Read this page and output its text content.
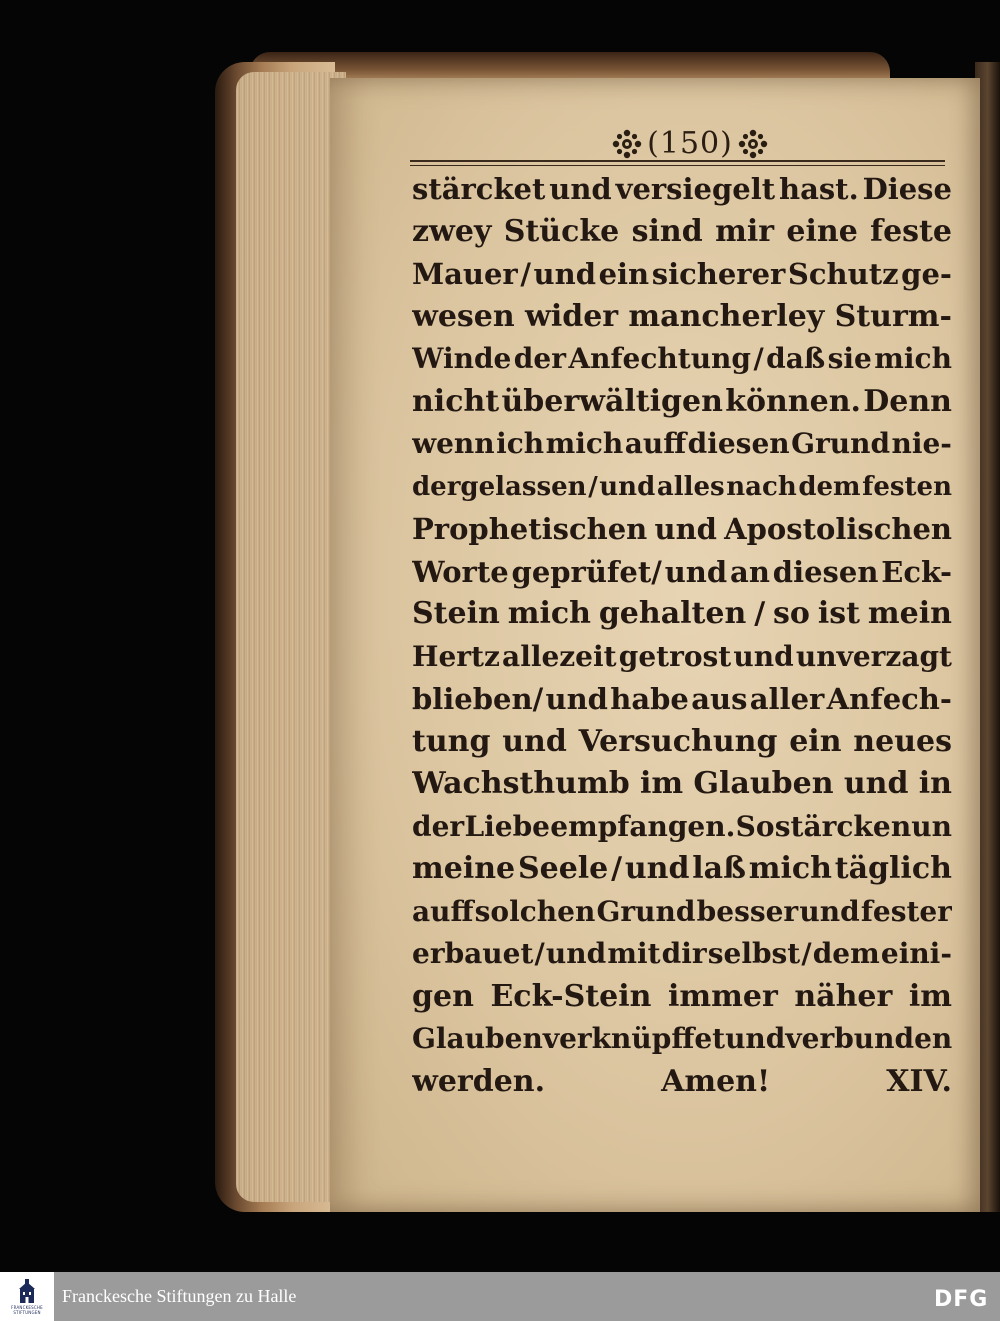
(150)
stärcket und versiegelt hast. Diese
zwey Stücke sind mir eine feste
Mauer / und ein sicherer Schutz ge-
wesen wider mancherley Sturm-
Winde der Anfechtung / daß sie mich
nicht überwältigen können. Denn
wenn ich mich auff diesen Grund nie-
dergelassen / und alles nach dem festen
Prophetischen und Apostolischen
Worte geprüfet/ und an diesen Eck-
Stein mich gehalten / so ist mein
Hertz allezeit getrost und unverzagt
blieben/ und habe aus aller Anfech-
tung und Versuchung ein neues
Wachsthumb im Glauben und in
der Liebe empfangen. So stärcke nun
meine Seele / und laß mich täglich
auff solchen Grund besser und fester
erbauet / und mit dir selbst / dem eini-
gen Eck-Stein immer näher im
Glauben verknüpffet und verbunden
werden.	Amen!	XIV.
FRANCKESCHE
STIFTUNGEN
Franckesche Stiftungen zu Halle	DFG
